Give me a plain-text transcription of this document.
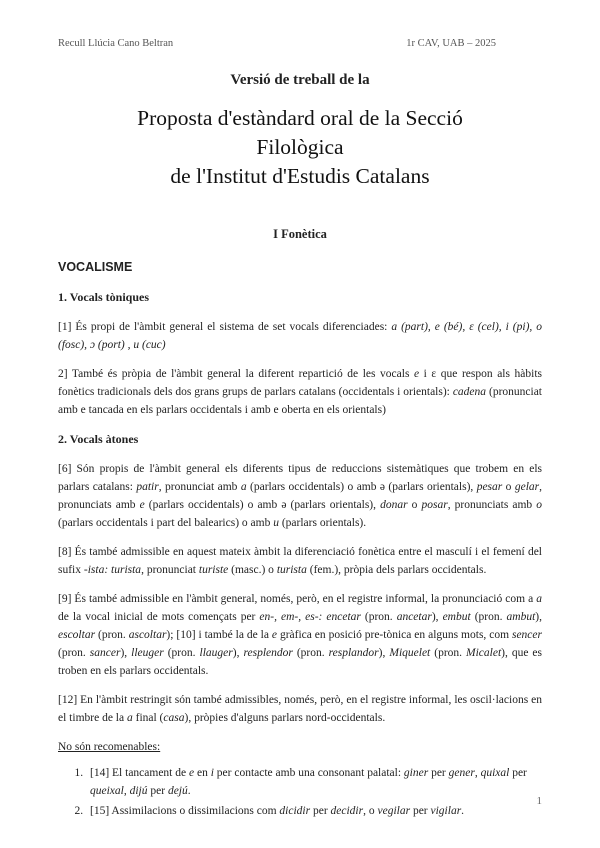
Recull Llúcia Cano Beltran	1r CAV, UAB – 2025
Versió de treball de la
Proposta d'estàndard oral de la Secció
Filològica
de l'Institut d'Estudis Catalans
I Fonètica
VOCALISME
1. Vocals tòniques

[1] És propi de l'àmbit general el sistema de set vocals diferenciades: a (part), e (bé), ε (cel), i (pi), o (fosc), ɔ (port) , u (cuc)

2] També és pròpia de l'àmbit general la diferent repartició de les vocals e i ε que respon als hàbits fonètics tradicionals dels dos grans grups de parlars catalans (occidentals i orientals): cadena (pronunciat amb e tancada en els parlars occidentals i amb e oberta en els orientals)

2. Vocals àtones

[6] Són propis de l'àmbit general els diferents tipus de reduccions sistemàtiques que trobem en els parlars catalans: patir, pronunciat amb a (parlars occidentals) o amb ə (parlars orientals), pesar o gelar, pronunciats amb e (parlars occidentals) o amb ə (parlars orientals), donar o posar, pronunciats amb o (parlars occidentals i part del balearics) o amb u (parlars orientals).

[8] És també admissible en aquest mateix àmbit la diferenciació fonètica entre el masculí i el femení del sufix -ista: turista, pronunciat turiste (masc.) o turista (fem.), pròpia dels parlars occidentals.

[9] És també admissible en l'àmbit general, només, però, en el registre informal, la pronunciació com a a de la vocal inicial de mots començats per en-, em-, es-: encetar (pron. ancetar), embut (pron. ambut), escoltar (pron. ascoltar); [10] i també la de la e gràfica en posició pre-tònica en alguns mots, com sencer (pron. sancer), lleuger (pron. llauger), resplendor (pron. resplandor), Miquelet (pron. Micalet), que es troben en els parlars occidentals.

[12] En l'àmbit restringit són també admissibles, només, però, en el registre informal, les oscil·lacions en el timbre de la a final (casa), pròpies d'alguns parlars nord-occidentals.

No són recomenables:
1. [14] El tancament de e en i per contacte amb una consonant palatal: giner per gener, quixal per queixal, dijú per dejú.
2. [15] Assimilacions o dissimilacions com dicidir per decidir, o vegilar per vigilar.
1
